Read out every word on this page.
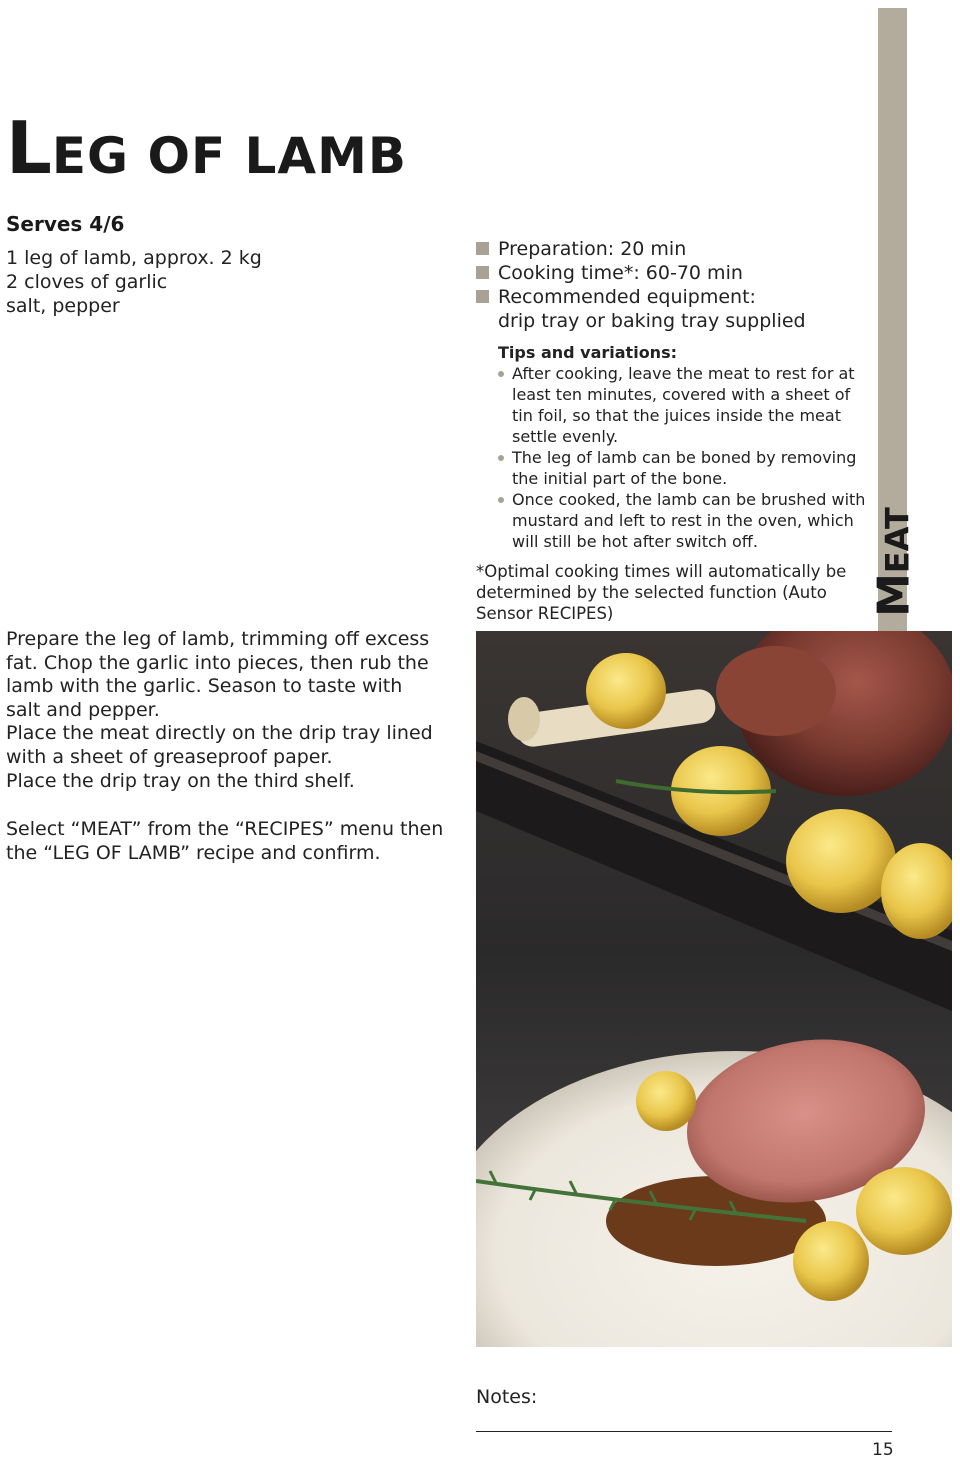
LEG OF LAMB
Serves 4/6
1 leg of lamb, approx. 2 kg
2 cloves of garlic
salt, pepper
Preparation: 20 min
Cooking time*: 60-70 min
Recommended equipment:
drip tray or baking tray supplied
Tips and variations:
After cooking, leave the meat to rest for at least ten minutes, covered with a sheet of tin foil, so that the juices inside the meat settle evenly.
The leg of lamb can be boned by removing the initial part of the bone.
Once cooked, the lamb can be brushed with mustard and left to rest in the oven, which will still be hot after switch off.
*Optimal cooking times will automatically be determined by the selected function (Auto Sensor RECIPES)	MEAT

Prepare the leg of lamb, trimming off excess fat. Chop the garlic into pieces, then rub the lamb with the garlic. Season to taste with salt and pepper.

Place the meat directly on the drip tray lined with a sheet of greaseproof paper.

Place the drip tray on the third shelf.

Select “MEAT” from the “RECIPES” menu then the “LEG OF LAMB” recipe and confirm.
Notes:
15
